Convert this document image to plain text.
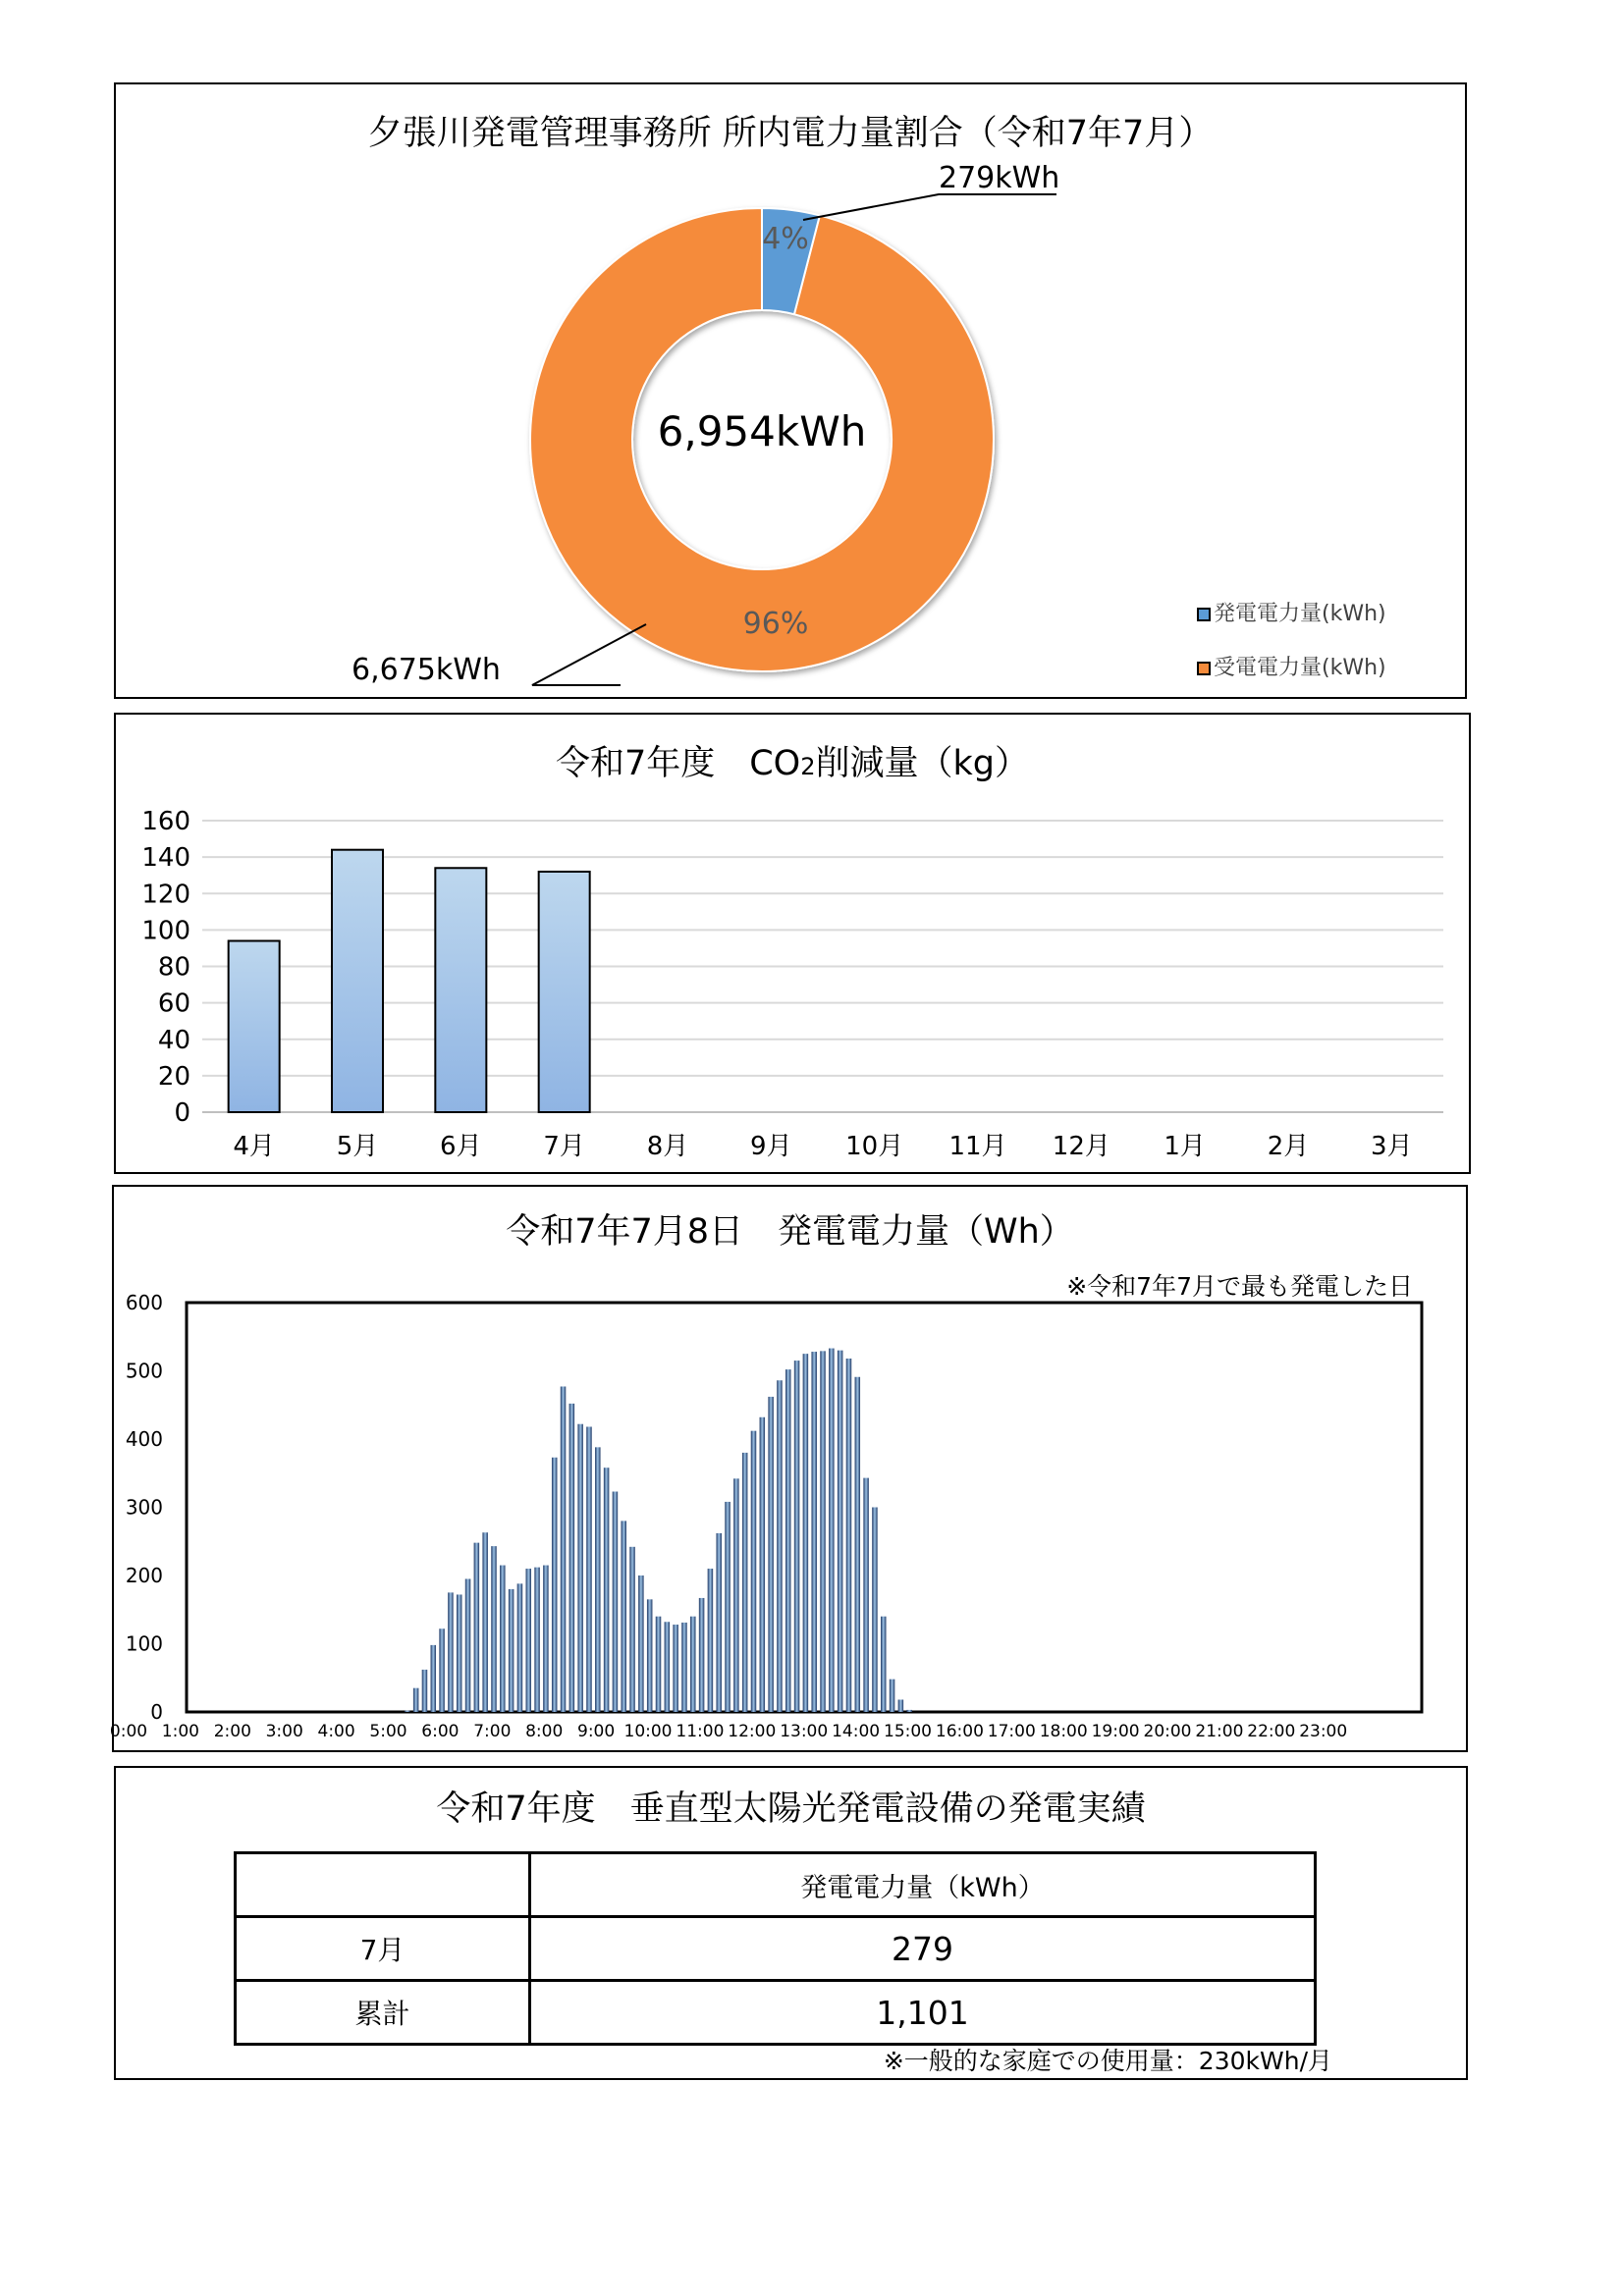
夕張川発電管理事務所 所内電力量割合（令和7年7月）
6,954kWh
4%
96%
279kWh
6,675kWh
発電電力量(kWh)
受電電力量(kWh)
令和7年度　CO2削減量（kg）
0
20
40
60
80
100
120
140
160
4月 5月 6月 7月 8月 9月 10月 11月 12月 1月 2月 3月
令和7年7月8日　発電電力量（Wh）
※令和7年7月で最も発電した日
0
100
200
300
400
500
600
0:00 1:00 2:00 3:00 4:00 5:00 6:00 7:00 8:00 9:00 10:00 11:00 12:00 13:00 14:00 15:00 16:00 17:00 18:00 19:00 20:00 21:00 22:00 23:00
令和7年度　垂直型太陽光発電設備の発電実績
	発電電力量（kWh）
7月	279
累計	1,101
※一般的な家庭での使用量：230kWh/月
